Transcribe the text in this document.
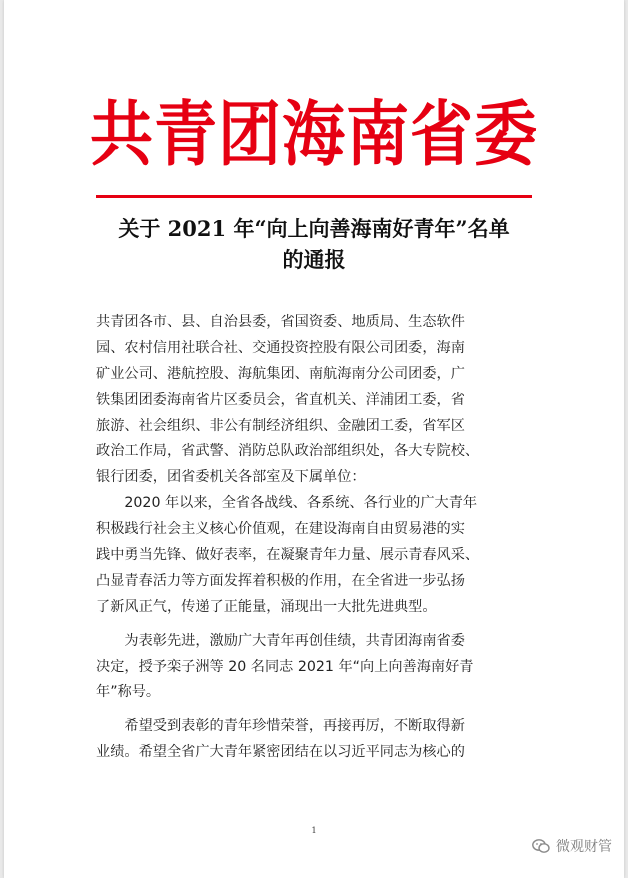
共青团海南省委
关于 2021 年“向上向善海南好青年”名单
的通报
共青团各市、县、自治县委，省国资委、地质局、生态软件
园、农村信用社联合社、交通投资控股有限公司团委，海南
矿业公司、港航控股、海航集团、南航海南分公司团委，广
铁集团团委海南省片区委员会，省直机关、洋浦团工委，省
旅游、社会组织、非公有制经济组织、金融团工委，省军区
政治工作局，省武警、消防总队政治部组织处，各大专院校、
银行团委，团省委机关各部室及下属单位：
　　2020 年以来，全省各战线、各系统、各行业的广大青年
积极践行社会主义核心价值观，在建设海南自由贸易港的实
践中勇当先锋、做好表率，在凝聚青年力量、展示青春风采、
凸显青春活力等方面发挥着积极的作用，在全省进一步弘扬
了新风正气，传递了正能量，涌现出一大批先进典型。
　　为表彰先进，激励广大青年再创佳绩，共青团海南省委
决定，授予栾子洲等 20 名同志 2021 年“向上向善海南好青
年”称号。
　　希望受到表彰的青年珍惜荣誉，再接再厉，不断取得新
业绩。希望全省广大青年紧密团结在以习近平同志为核心的
1
微观财管
